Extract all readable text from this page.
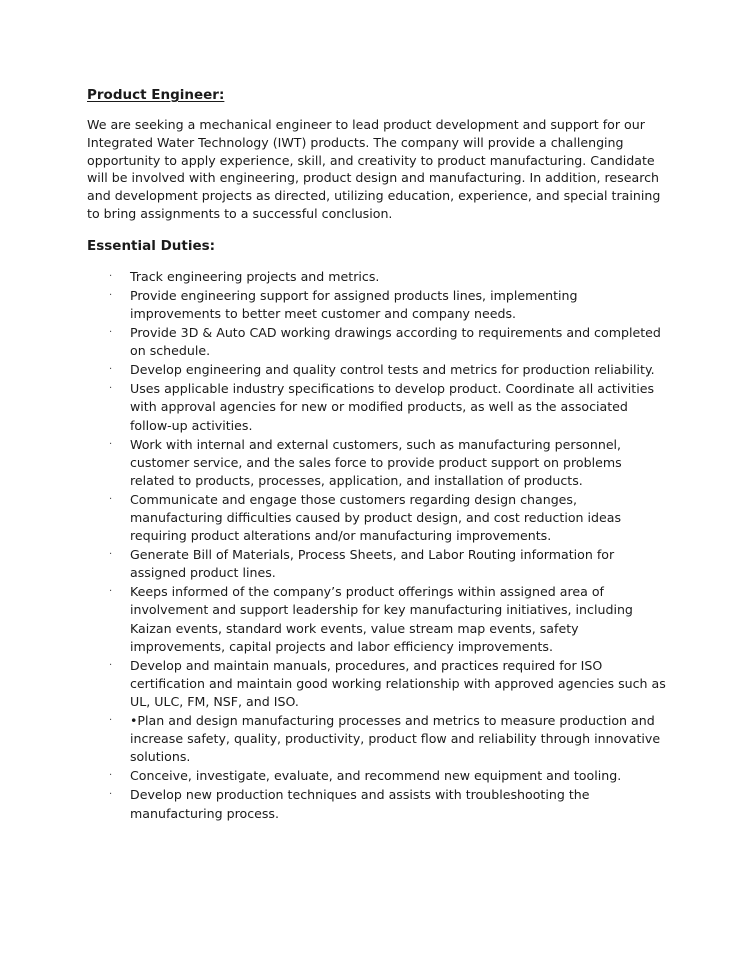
Product Engineer:

We are seeking a mechanical engineer to lead product development and support for our Integrated Water Technology (IWT) products. The company will provide a challenging opportunity to apply experience, skill, and creativity to product manufacturing. Candidate will be involved with engineering, product design and manufacturing. In addition, research and development projects as directed, utilizing education, experience, and special training to bring assignments to a successful conclusion.

Essential Duties:
· Track engineering projects and metrics.
· Provide engineering support for assigned products lines, implementing improvements to better meet customer and company needs.
· Provide 3D & Auto CAD working drawings according to requirements and completed on schedule.
· Develop engineering and quality control tests and metrics for production reliability.
· Uses applicable industry specifications to develop product. Coordinate all activities with approval agencies for new or modified products, as well as the associated follow-up activities.
· Work with internal and external customers, such as manufacturing personnel, customer service, and the sales force to provide product support on problems related to products, processes, application, and installation of products.
· Communicate and engage those customers regarding design changes, manufacturing difficulties caused by product design, and cost reduction ideas requiring product alterations and/or manufacturing improvements.
· Generate Bill of Materials, Process Sheets, and Labor Routing information for assigned product lines.
· Keeps informed of the company’s product offerings within assigned area of involvement and support leadership for key manufacturing initiatives, including Kaizan events, standard work events, value stream map events, safety improvements, capital projects and labor efficiency improvements.
· Develop and maintain manuals, procedures, and practices required for ISO certification and maintain good working relationship with approved agencies such as UL, ULC, FM, NSF, and ISO.
· •Plan and design manufacturing processes and metrics to measure production and increase safety, quality, productivity, product flow and reliability through innovative solutions.
· Conceive, investigate, evaluate, and recommend new equipment and tooling.
· Develop new production techniques and assists with troubleshooting the manufacturing process.
